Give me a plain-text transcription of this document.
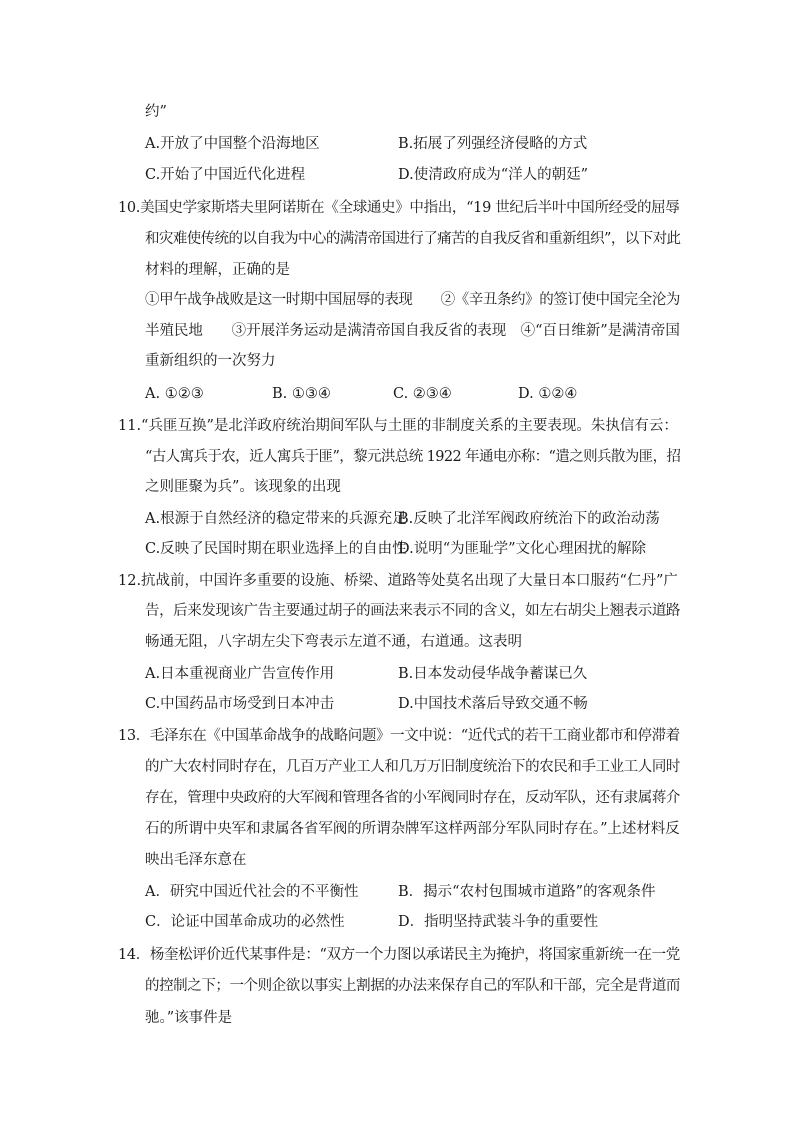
约”
A.开放了中国整个沿海地区	B.拓展了列强经济侵略的方式
C.开始了中国近代化进程	D.使清政府成为“洋人的朝廷”
10.美国史学家斯塔夫里阿诺斯在《全球通史》中指出，“19 世纪后半叶中国所经受的屈辱
和灾难使传统的以自我为中心的满清帝国进行了痛苦的自我反省和重新组织”，以下对此
材料的理解，正确的是
①甲午战争战败是这一时期中国屈辱的表现　　②《辛丑条约》的签订使中国完全沦为
半殖民地　　③开展洋务运动是满清帝国自我反省的表现　④“百日维新”是满清帝国
重新组织的一次努力
A. ①②③	B. ①③④	C. ②③④	D. ①②④
11.“兵匪互换”是北洋政府统治期间军队与土匪的非制度关系的主要表现。朱执信有云：
“古人寓兵于农，近人寓兵于匪”，黎元洪总统 1922 年通电亦称：“遣之则兵散为匪，招
之则匪聚为兵”。该现象的出现
A.根源于自然经济的稳定带来的兵源充足
B.反映了北洋军阀政府统治下的政治动荡
C.反映了民国时期在职业选择上的自由性
D.说明“为匪耻学”文化心理困扰的解除
12.抗战前，中国许多重要的设施、桥梁、道路等处莫名出现了大量日本口服药“仁丹”广
告，后来发现该广告主要通过胡子的画法来表示不同的含义，如左右胡尖上翘表示道路
畅通无阻，八字胡左尖下弯表示左道不通，右道通。这表明
A.日本重视商业广告宣传作用	B.日本发动侵华战争蓄谋已久
C.中国药品市场受到日本冲击	D.中国技术落后导致交通不畅
13．毛泽东在《中国革命战争的战略问题》一文中说：“近代式的若干工商业都市和停滞着
的广大农村同时存在，几百万产业工人和几万万旧制度统治下的农民和手工业工人同时
存在，管理中央政府的大军阀和管理各省的小军阀同时存在，反动军队，还有隶属蒋介
石的所谓中央军和隶属各省军阀的所谓杂牌军这样两部分军队同时存在。”上述材料反
映出毛泽东意在
A．研究中国近代社会的不平衡性	B．揭示“农村包围城市道路”的客观条件
C．论证中国革命成功的必然性	D．指明坚持武装斗争的重要性
14．杨奎松评价近代某事件是：“双方一个力图以承诺民主为掩护，将国家重新统一在一党
的控制之下；一个则企欲以事实上割据的办法来保存自己的军队和干部，完全是背道而
驰。”该事件是
